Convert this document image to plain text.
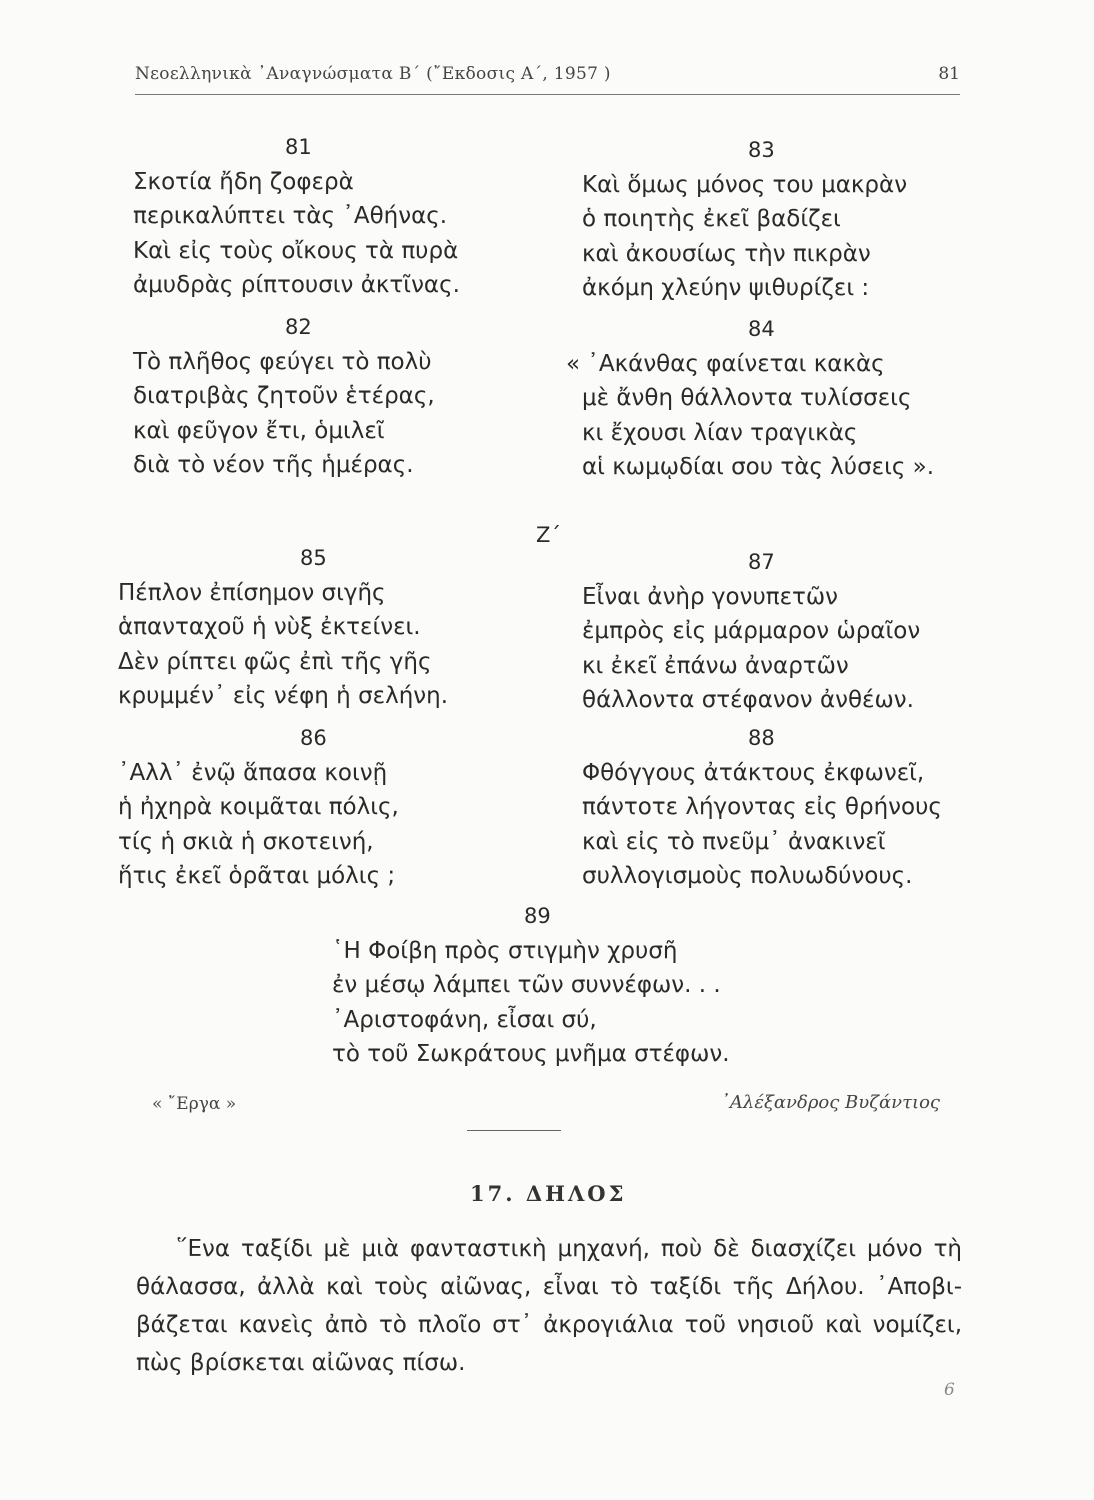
Νεοελληνικὰ ᾿Αναγνώσματα Β΄ (῎Εκδοσις Α΄, 1957 )	81
81
Σκοτία ἤδη ζοφερὰ
περικαλύπτει τὰς ᾿Αθήνας.
Καὶ εἰς τοὺς οἴκους τὰ πυρὰ
ἀμυδρὰς ρίπτουσιν ἀκτῖνας.
82
Τὸ πλῆθος φεύγει τὸ πολὺ
διατριβὰς ζητοῦν ἑτέρας,
καὶ φεῦγον ἔτι, ὁμιλεῖ
διὰ τὸ νέον τῆς ἡμέρας.
83
Καὶ ὅμως μόνος του μακρὰν
ὁ ποιητὴς ἐκεῖ βαδίζει
καὶ ἀκουσίως τὴν πικρὰν
ἀκόμη χλεύην ψιθυρίζει :
84
« ᾿Ακάνθας φαίνεται κακὰς
μὲ ἄνθη θάλλοντα τυλίσσεις
κι ἔχουσι λίαν τραγικὰς
αἱ κωμῳδίαι σου τὰς λύσεις ».
Ζ΄
85
Πέπλον ἐπίσημον σιγῆς
ἁπανταχοῦ ἡ νὺξ ἐκτείνει.
Δὲν ρίπτει φῶς ἐπὶ τῆς γῆς
κρυμμέν᾿ εἰς νέφη ἡ σελήνη.
86
᾿Αλλ᾿ ἐνῷ ἅπασα κοινῇ
ἡ ἠχηρὰ κοιμᾶται πόλις,
τίς ἡ σκιὰ ἡ σκοτεινή,
ἥτις ἐκεῖ ὁρᾶται μόλις ;
87
Εἶναι ἀνὴρ γονυπετῶν
ἐμπρὸς εἰς μάρμαρον ὡραῖον
κι ἐκεῖ ἐπάνω ἀναρτῶν
θάλλοντα στέφανον ἀνθέων.
88
Φθόγγους ἀτάκτους ἐκφωνεῖ,
πάντοτε λήγοντας εἰς θρήνους
καὶ εἰς τὸ πνεῦμ᾿ ἀνακινεῖ
συλλογισμοὺς πολυωδύνους.
89
῾Η Φοίβη πρὸς στιγμὴν χρυσῆ
ἐν μέσῳ λάμπει τῶν συννέφων. . .
᾿Αριστοφάνη, εἶσαι σύ,
τὸ τοῦ Σωκράτους μνῆμα στέφων.
« ῎Εργα »	᾿Αλέξανδρος Βυζάντιος
17. ΔΗΛΟΣ
῞Ενα ταξίδι μὲ μιὰ φανταστικὴ μηχανή, ποὺ δὲ διασχίζει μόνο τὴ
θάλασσα, ἀλλὰ καὶ τοὺς αἰῶνας, εἶναι τὸ ταξίδι τῆς Δήλου. ᾿Αποβι-
βάζεται κανεὶς ἀπὸ τὸ πλοῖο στ᾿ ἀκρογιάλια τοῦ νησιοῦ καὶ νομίζει,
πὼς βρίσκεται αἰῶνας πίσω.
6
